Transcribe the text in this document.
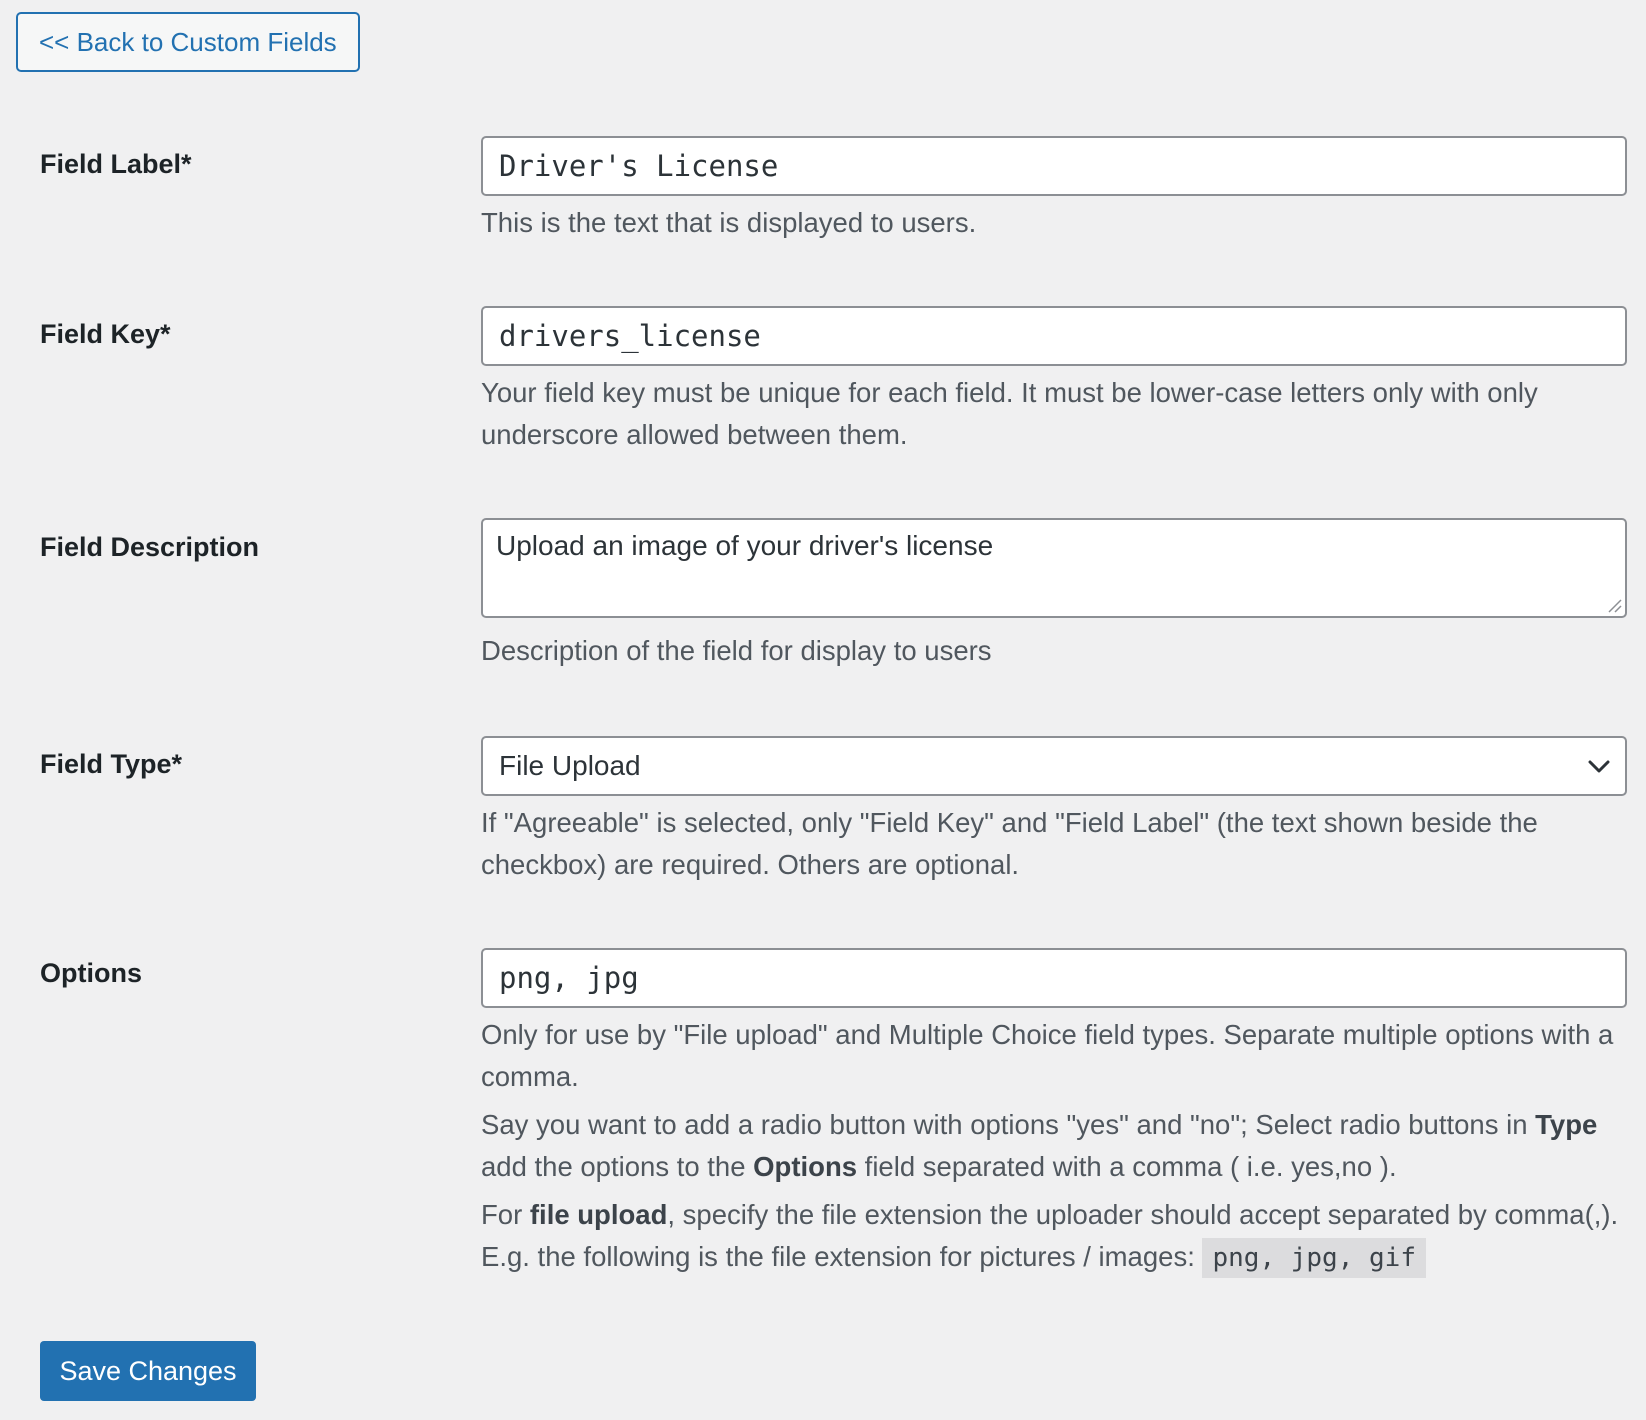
<< Back to Custom Fields
Field Label*	Driver's License

This is the text that is displayed to users.

Field Key*	drivers_license

Your field key must be unique for each field. It must be lower-case letters only with only underscore allowed between them.

Field Description	Upload an image of your driver's license

Description of the field for display to users

Field Type*	File Upload

If "Agreeable" is selected, only "Field Key" and "Field Label" (the text shown beside the checkbox) are required. Others are optional.

Options	png, jpg

Only for use by "File upload" and Multiple Choice field types. Separate multiple options with a comma.

Say you want to add a radio button with options "yes" and "no"; Select radio buttons in Type add the options to the Options field separated with a comma ( i.e. yes,no ).

For file upload, specify the file extension the uploader should accept separated by comma(,). E.g. the following is the file extension for pictures / images: png, jpg, gif

Save Changes
